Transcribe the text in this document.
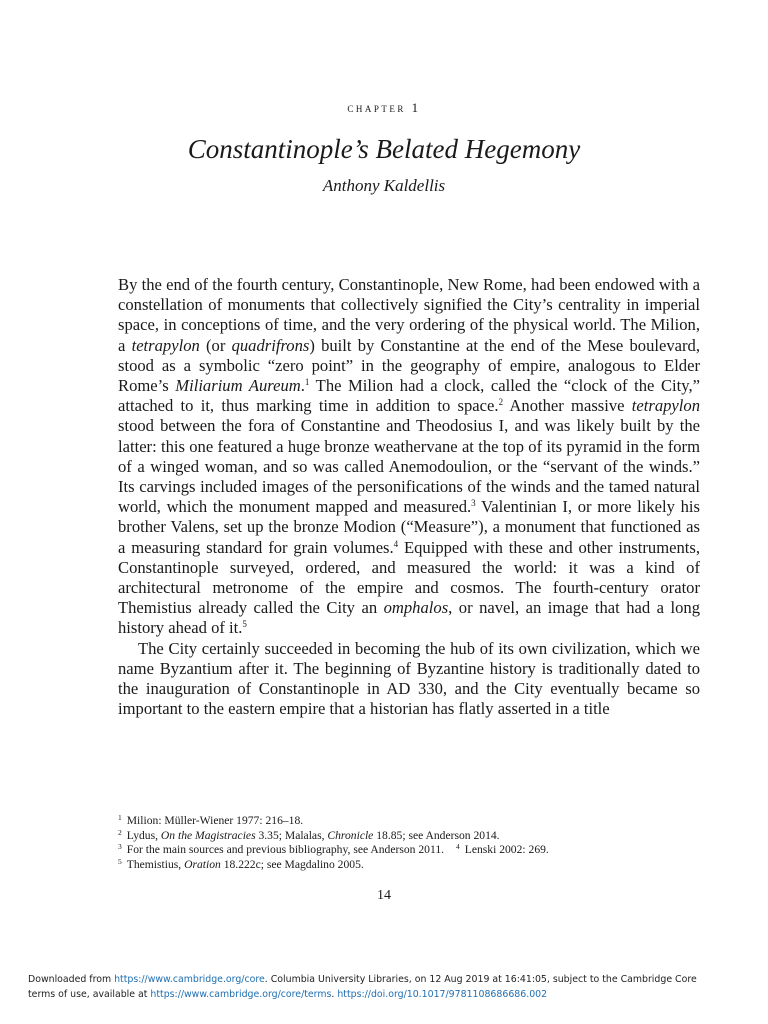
chapter 1
Constantinople’s Belated Hegemony
Anthony Kaldellis

By the end of the fourth century, Constantinople, New Rome, had been endowed with a constellation of monuments that collectively signified the City’s centrality in imperial space, in conceptions of time, and the very ordering of the physical world. The Milion, a tetrapylon (or quadrifrons) built by Constantine at the end of the Mese boulevard, stood as a symbolic “zero point” in the geography of empire, analogous to Elder Rome’s Miliarium Aureum.$^1$ The Milion had a clock, called the “clock of the City,” attached to it, thus marking time in addition to space.$^2$ Another massive tetrapylon stood between the fora of Constantine and Theodosius I, and was likely built by the latter: this one featured a huge bronze weathervane at the top of its pyramid in the form of a winged woman, and so was called Anemodoulion, or the “servant of the winds.” Its carvings included images of the personifications of the winds and the tamed natural world, which the monument mapped and measured.$^3$ Valentinian I, or more likely his brother Valens, set up the bronze Modion (“Measure”), a monument that functioned as a measuring standard for grain volumes.$^4$ Equipped with these and other instruments, Constantinople surveyed, ordered, and measured the world: it was a kind of architectural metronome of the empire and cosmos. The fourth-century orator Themistius already called the City an omphalos, or navel, an image that had a long history ahead of it.$^5$

The City certainly succeeded in becoming the hub of its own civilization, which we name Byzantium after it. The beginning of Byzantine history is traditionally dated to the inauguration of Constantinople in AD 330, and the City eventually became so important to the eastern empire that a historian has flatly asserted in a title

$^1$ Milion: Müller-Wiener 1977: 216–18.
$^2$ Lydus, On the Magistracies 3.35; Malalas, Chronicle 18.85; see Anderson 2014.
$^3$ For the main sources and previous bibliography, see Anderson 2011. $^4$ Lenski 2002: 269.
$^5$ Themistius, Oration 18.222c; see Magdalino 2005.
14
Downloaded from https://www.cambridge.org/core. Columbia University Libraries, on 12 Aug 2019 at 16:41:05, subject to the Cambridge Core
terms of use, available at https://www.cambridge.org/core/terms. https://doi.org/10.1017/9781108686686.002
